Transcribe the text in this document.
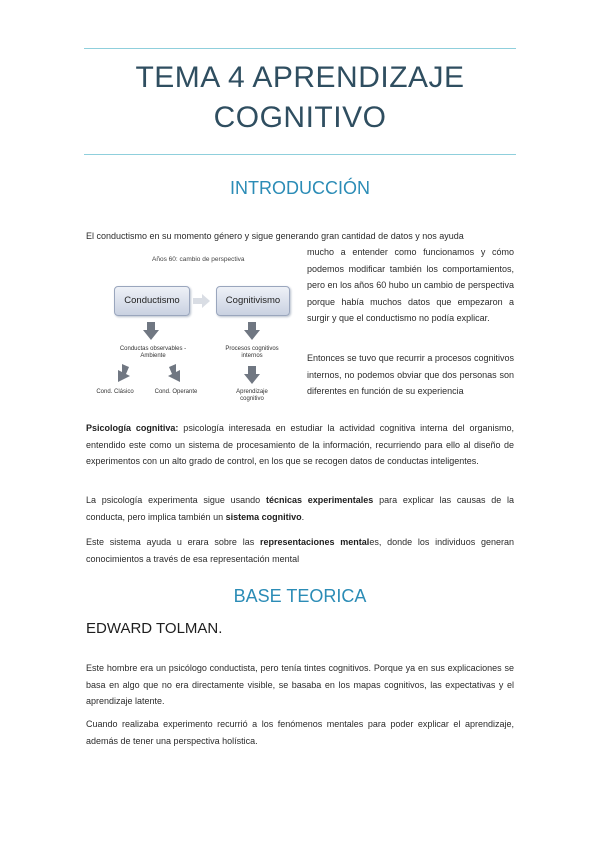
TEMA 4 APRENDIZAJE COGNITIVO
INTRODUCCIÓN

El conductismo en su momento género y sigue generando gran cantidad de datos y nos ayuda

mucho a entender como funcionamos y cómo podemos modificar también los comportamientos, pero en los años 60 hubo un cambio de perspectiva porque había muchos datos que empezaron a surgir y que el conductismo no podía explicar.

Entonces se tuvo que recurrir a procesos cognitivos internos, no podemos obviar que dos personas son diferentes en función de su experiencia

Años 60: cambio de perspectiva
Conductismo	Cognitivismo
Conductas observables - Ambiente
Procesos cognitivos internos
Cond. Clásico	Cond. Operante	Aprendizaje cognitivo

Psicología cognitiva: psicología interesada en estudiar la actividad cognitiva interna del organismo, entendido este como un sistema de procesamiento de la información, recurriendo para ello al diseño de experimentos con un alto grado de control, en los que se recogen datos de conductas inteligentes.

La psicología experimenta sigue usando técnicas experimentales para explicar las causas de la conducta, pero implica también un sistema cognitivo.

Este sistema ayuda u erara sobre las representaciones mentales, donde los individuos generan conocimientos a través de esa representación mental

BASE TEORICA
EDWARD TOLMAN.

Este hombre era un psicólogo conductista, pero tenía tintes cognitivos. Porque ya en sus explicaciones se basa en algo que no era directamente visible, se basaba en los mapas cognitivos, las expectativas y el aprendizaje latente.

Cuando realizaba experimento recurrió a los fenómenos mentales para poder explicar el aprendizaje, además de tener una perspectiva holística.
